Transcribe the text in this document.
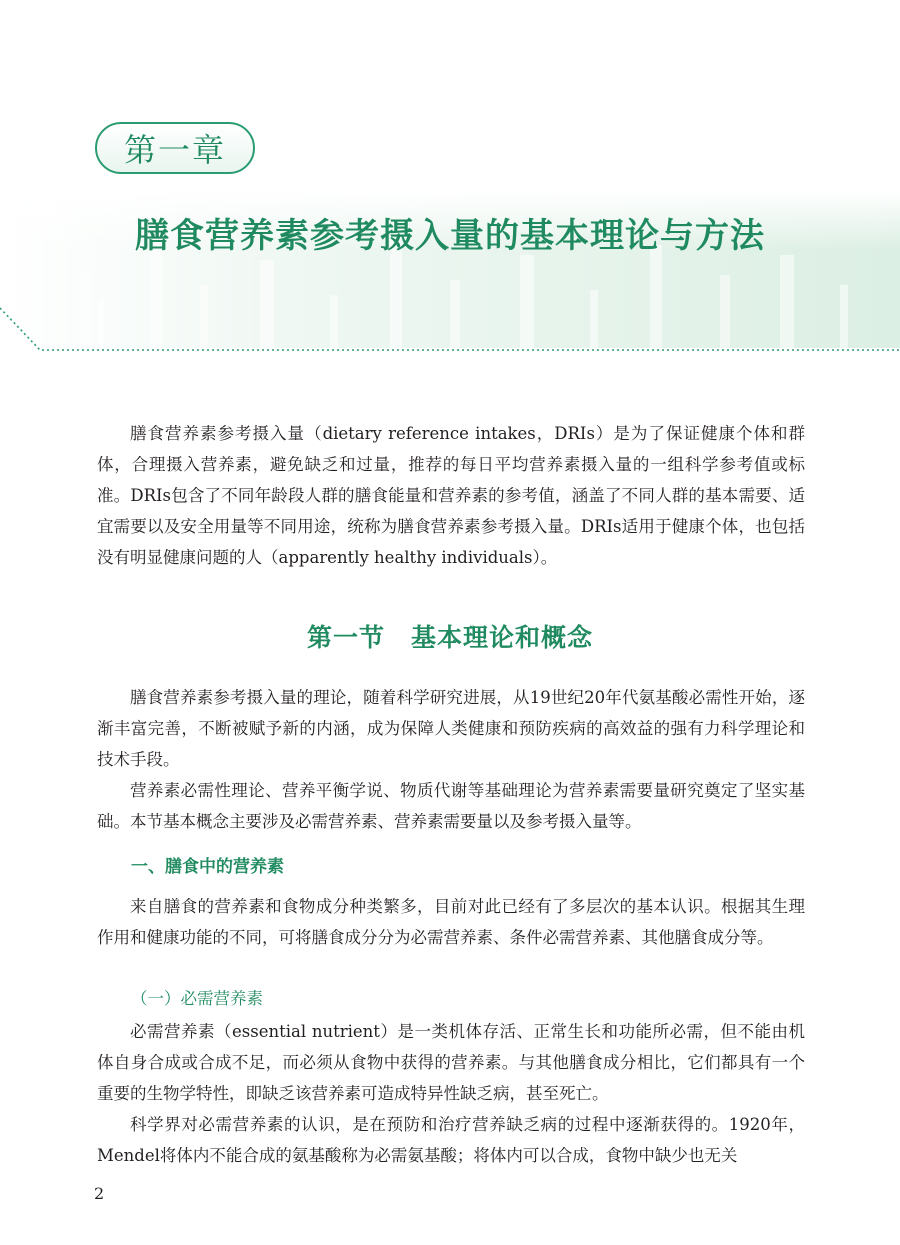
第一章
膳食营养素参考摄入量的基本理论与方法

膳食营养素参考摄入量（dietary reference intakes，DRIs）是为了保证健康个体和群体，合理摄入营养素，避免缺乏和过量，推荐的每日平均营养素摄入量的一组科学参考值或标准。DRIs包含了不同年龄段人群的膳食能量和营养素的参考值，涵盖了不同人群的基本需要、适宜需要以及安全用量等不同用途，统称为膳食营养素参考摄入量。DRIs适用于健康个体，也包括没有明显健康问题的人（apparently healthy individuals）。

第一节　基本理论和概念

膳食营养素参考摄入量的理论，随着科学研究进展，从19世纪20年代氨基酸必需性开始，逐渐丰富完善，不断被赋予新的内涵，成为保障人类健康和预防疾病的高效益的强有力科学理论和技术手段。

营养素必需性理论、营养平衡学说、物质代谢等基础理论为营养素需要量研究奠定了坚实基础。本节基本概念主要涉及必需营养素、营养素需要量以及参考摄入量等。

一、膳食中的营养素

来自膳食的营养素和食物成分种类繁多，目前对此已经有了多层次的基本认识。根据其生理作用和健康功能的不同，可将膳食成分分为必需营养素、条件必需营养素、其他膳食成分等。

（一）必需营养素

必需营养素（essential nutrient）是一类机体存活、正常生长和功能所必需，但不能由机体自身合成或合成不足，而必须从食物中获得的营养素。与其他膳食成分相比，它们都具有一个重要的生物学特性，即缺乏该营养素可造成特异性缺乏病，甚至死亡。

科学界对必需营养素的认识，是在预防和治疗营养缺乏病的过程中逐渐获得的。1920年，Mendel将体内不能合成的氨基酸称为必需氨基酸；将体内可以合成，食物中缺少也无关

2
